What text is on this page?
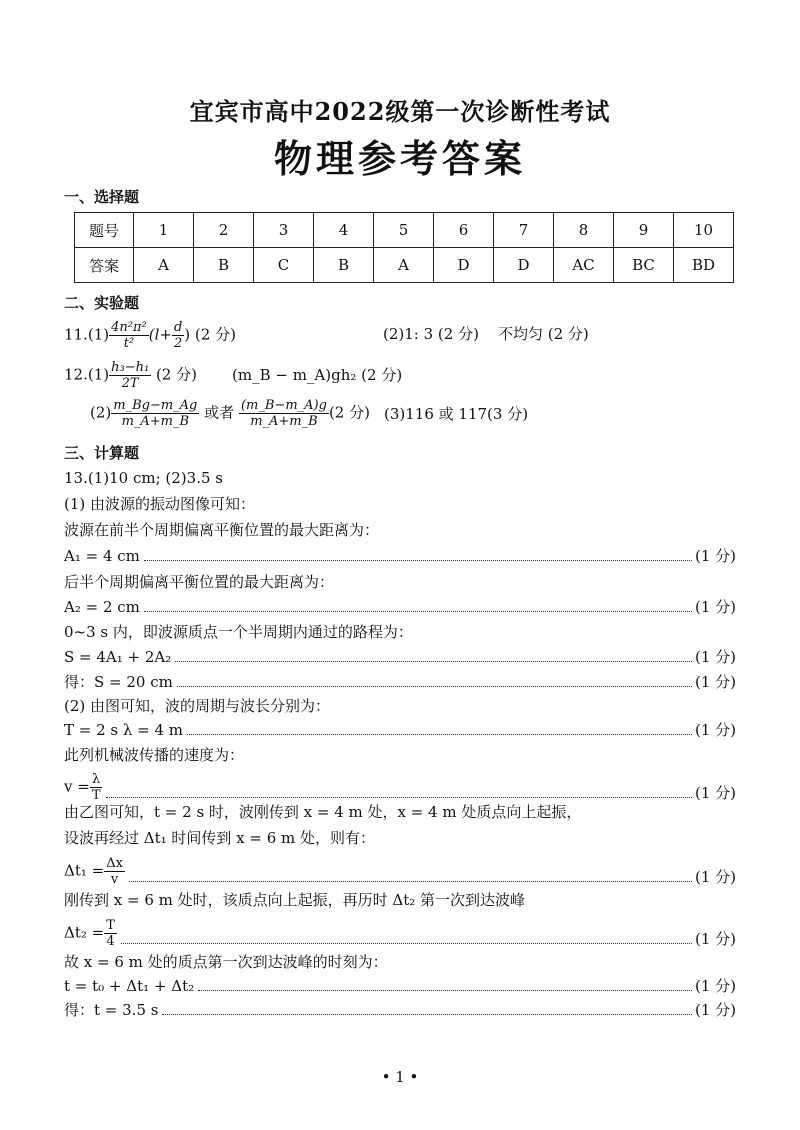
宜宾市高中2022级第一次诊断性考试
物理参考答案
一、选择题
题号	1	2	3	4	5	6	7	8	9	10
答案	A	B	C	B	A	D	D	AC	BC	BD
二、实验题
$11.(1) \frac{\text{4n²π²}}{\text{t²}} (l+ \frac{d}{2}$ ) (2 分)	(2)1: 3 (2 分) 不均匀 (2 分)
$12.(1) \frac{\text{h₃−h₁}}{2T} (2$ 分) (m_B − m_A)gh₂ (2 分)
$(2) \frac{m\_Bg-m\_Ag}{m\_A+m\_B}$ 或者 $\frac{(m\_B-m\_A)g}{m\_A+m\_B} (2$ 分) (3)116 或 117(3 分)
三、计算题
13.(1)10 cm; (2)3.5 s
(1) 由波源的振动图像可知：
波源在前半个周期偏离平衡位置的最大距离为：
A₁ = 4 cm	(1 分)
后半个周期偏离平衡位置的最大距离为：
A₂ = 2 cm	(1 分)
0~3 s 内，即波源质点一个半周期内通过的路程为：
S = 4A₁ + 2A₂	(1 分)
得：S = 20 cm	(1 分)
(2) 由图可知，波的周期与波长分别为：
T = 2 s λ = 4 m	(1 分)
此列机械波传播的速度为：
$v = \frac{\lambda}{T}$	(1 分)
由乙图可知，t = 2 s 时，波刚传到 x = 4 m 处，x = 4 m 处质点向上起振，
设波再经过 Δt₁ 时间传到 x = 6 m 处，则有：
$\Delta t_1 = \frac{\Delta x}{v}$	(1 分)
刚传到 x = 6 m 处时，该质点向上起振，再历时 Δt₂ 第一次到达波峰
$\Delta t_2 = \frac{T}{4}$	(1 分)
故 x = 6 m 处的质点第一次到达波峰的时刻为：
t = t₀ + Δt₁ + Δt₂	(1 分)
得：t = 3.5 s	(1 分)
• 1 •
